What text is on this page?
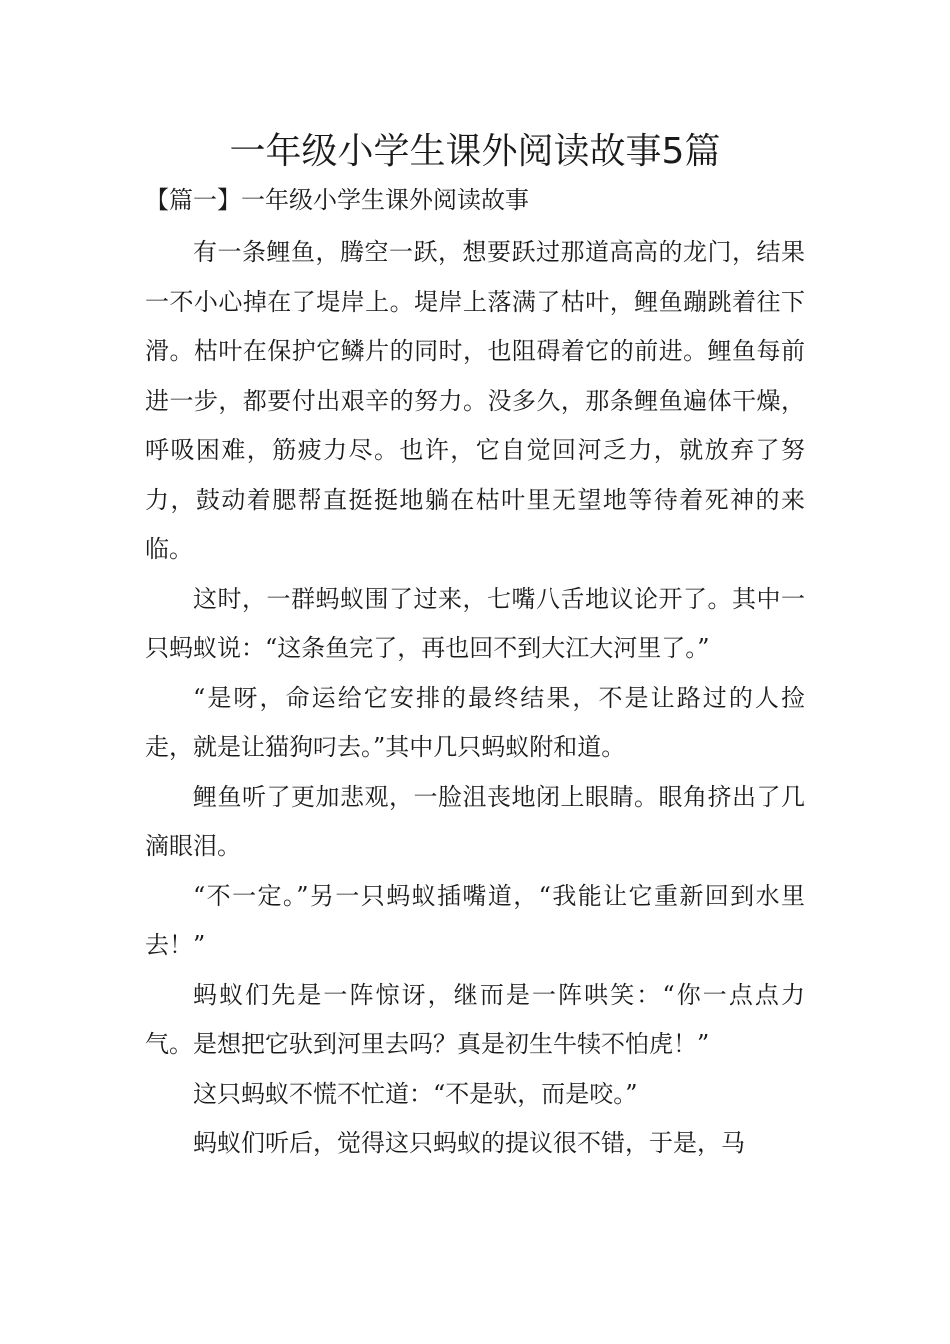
一年级小学生课外阅读故事5篇
【篇一】一年级小学生课外阅读故事

有一条鲤鱼，腾空一跃，想要跃过那道高高的龙门，结果一不小心掉在了堤岸上。堤岸上落满了枯叶，鲤鱼蹦跳着往下滑。枯叶在保护它鳞片的同时，也阻碍着它的前进。鲤鱼每前进一步，都要付出艰辛的努力。没多久，那条鲤鱼遍体干燥，呼吸困难，筋疲力尽。也许，它自觉回河乏力，就放弃了努力，鼓动着腮帮直挺挺地躺在枯叶里无望地等待着死神的来临。

这时，一群蚂蚁围了过来，七嘴八舌地议论开了。其中一只蚂蚁说：“这条鱼完了，再也回不到大江大河里了。”

“是呀，命运给它安排的最终结果，不是让路过的人捡走，就是让猫狗叼去。”其中几只蚂蚁附和道。

鲤鱼听了更加悲观，一脸沮丧地闭上眼睛。眼角挤出了几滴眼泪。

“不一定。”另一只蚂蚁插嘴道，“我能让它重新回到水里去！”

蚂蚁们先是一阵惊讶，继而是一阵哄笑：“你一点点力气。是想把它驮到河里去吗？真是初生牛犊不怕虎！”

这只蚂蚁不慌不忙道：“不是驮，而是咬。”

蚂蚁们听后，觉得这只蚂蚁的提议很不错，于是，马
